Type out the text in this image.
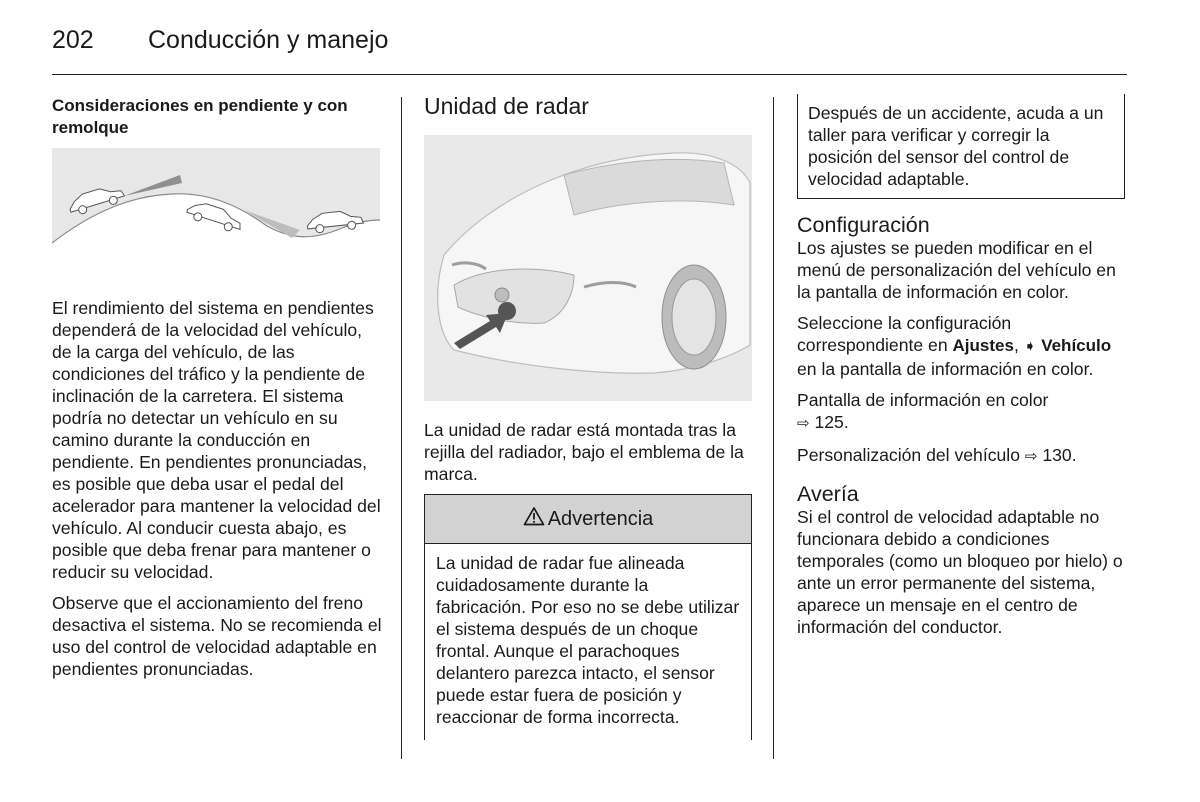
202 Conducción y manejo

Consideraciones en pendiente y con remolque

El rendimiento del sistema en pendientes dependerá de la velocidad del vehículo, de la carga del vehículo, de las condiciones del tráfico y la pendiente de inclinación de la carretera. El sistema podría no detectar un vehículo en su camino durante la conducción en pendiente. En pendientes pronunciadas, es posible que deba usar el pedal del acelerador para mantener la velocidad del vehículo. Al conducir cuesta abajo, es posible que deba frenar para mantener o reducir su velocidad.

Observe que el accionamiento del freno desactiva el sistema. No se recomienda el uso del control de velocidad adaptable en pendientes pronunciadas.

Unidad de radar

La unidad de radar está montada tras la rejilla del radiador, bajo el emblema de la marca.

Advertencia
La unidad de radar fue alineada cuidadosamente durante la fabricación. Por eso no se debe utilizar el sistema después de un choque frontal. Aunque el parachoques delantero parezca intacto, el sensor puede estar fuera de posición y reaccionar de forma incorrecta.
Después de un accidente, acuda a un taller para verificar y corregir la posición del sensor del control de velocidad adaptable.

Configuración

Los ajustes se pueden modificar en el menú de personalización del vehículo en la pantalla de información en color.

Seleccione la configuración correspondiente en Ajustes, ➧ Vehículo en la pantalla de información en color.

Pantalla de información en color
⇨ 125.

Personalización del vehículo ⇨ 130.

Avería

Si el control de velocidad adaptable no funcionara debido a condiciones temporales (como un bloqueo por hielo) o ante un error permanente del sistema, aparece un mensaje en el centro de información del conductor.
